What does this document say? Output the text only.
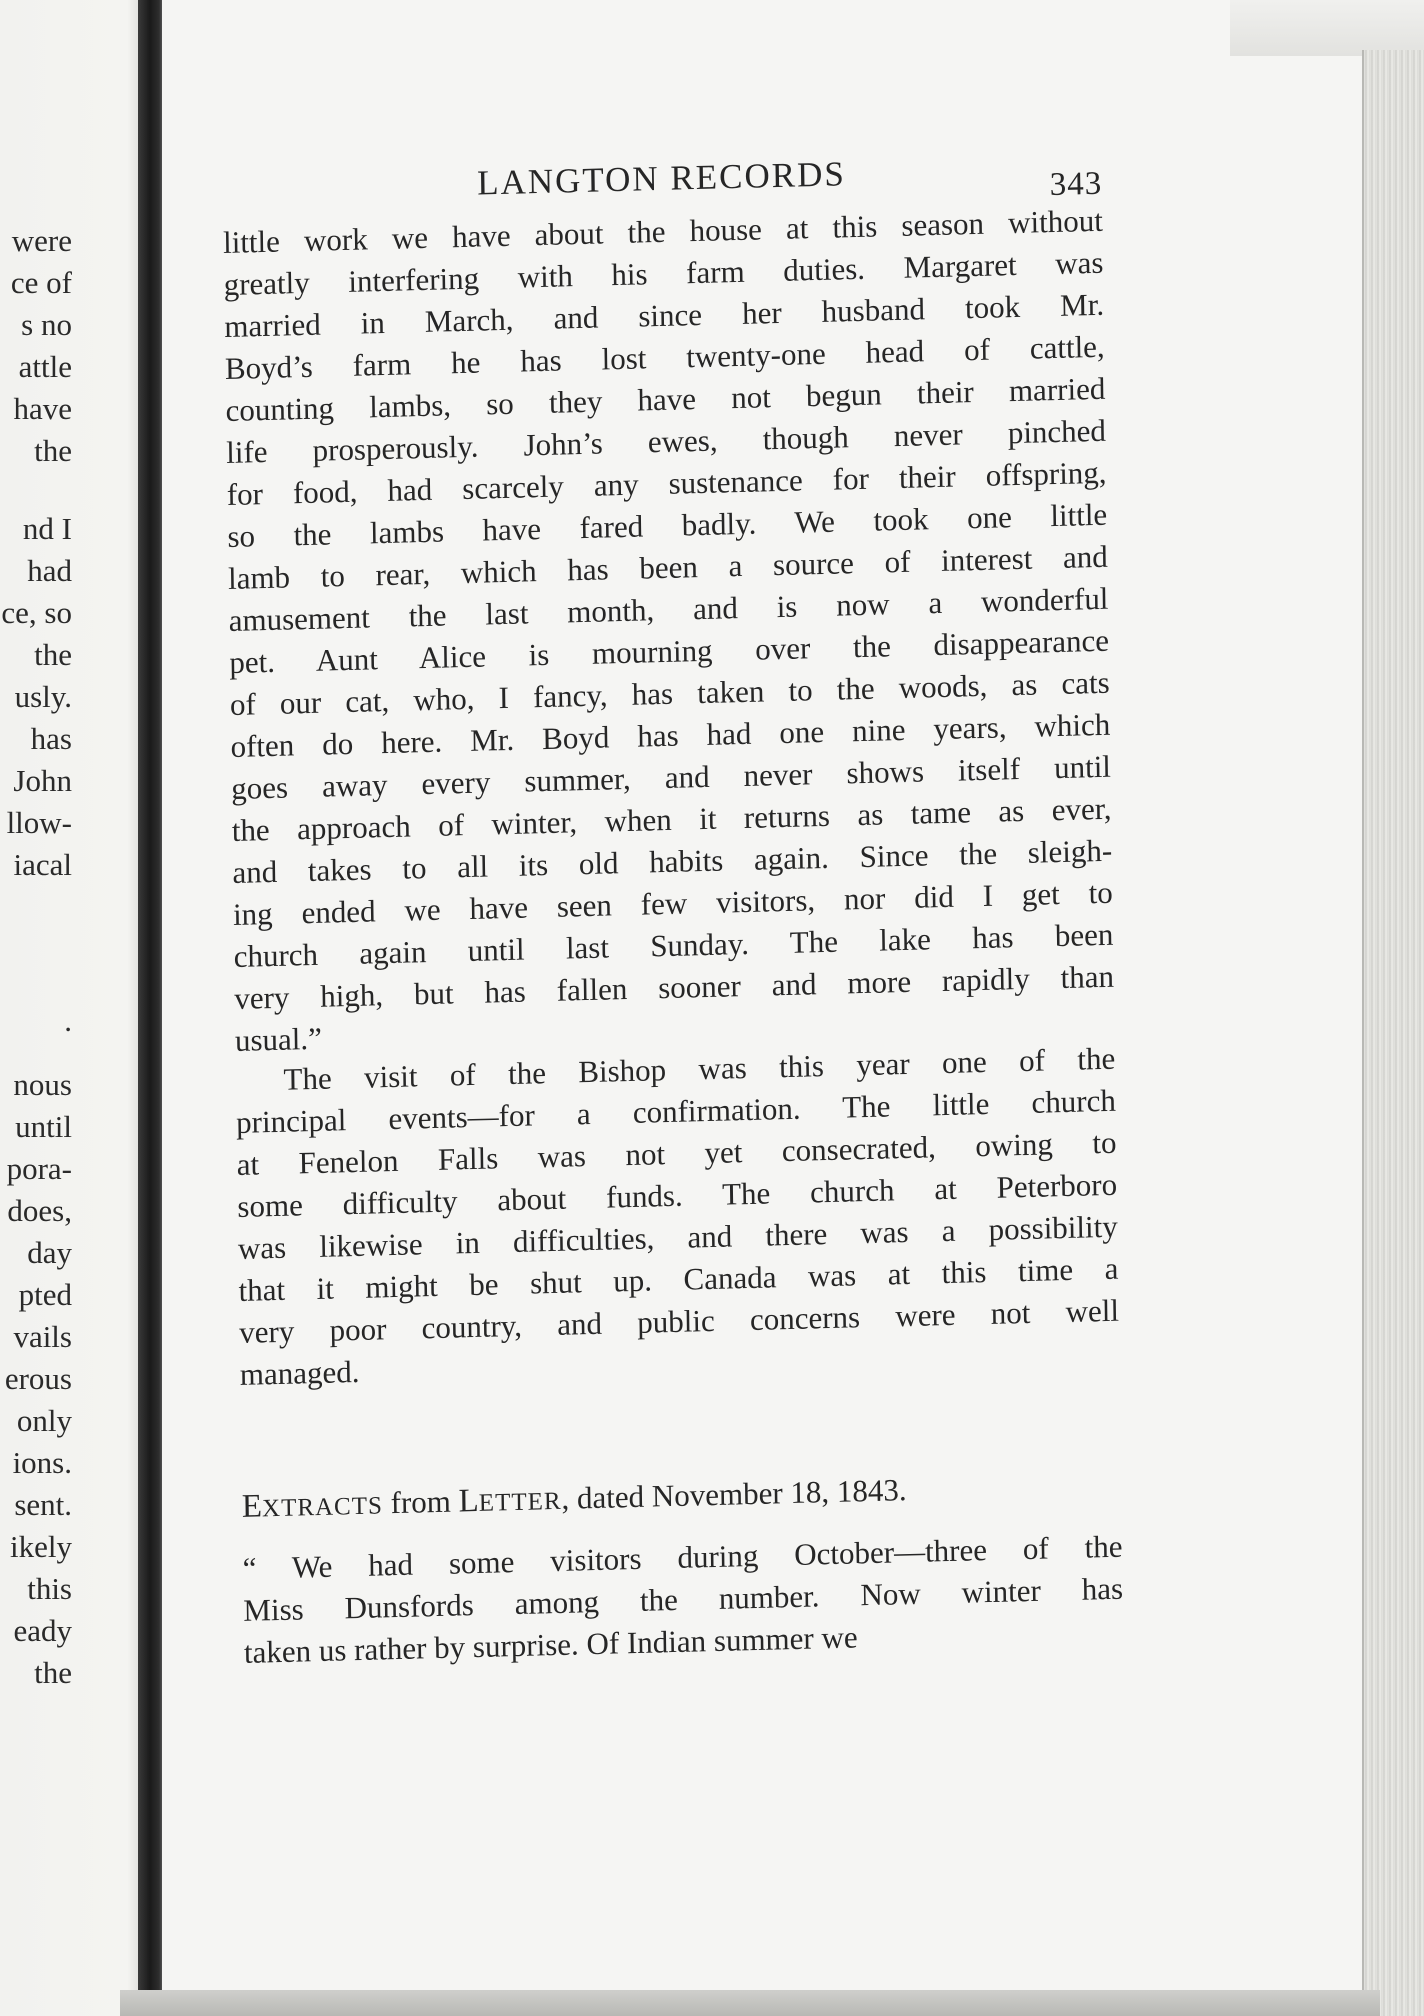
were
ce of
s no
attle
have
the
nd I
had
ce, so
the
usly.
has
John
llow-
iacal
.
nous
until
pora-
does,
day
pted
vails
erous
only
ions.
sent.
ikely
this
eady
the
LANGTON RECORDS	343
little work we have about the house at this season without
greatly interfering with his farm duties. Margaret was
married in March, and since her husband took Mr.
Boyd’s farm he has lost twenty-one head of cattle,
counting lambs, so they have not begun their married
life prosperously. John’s ewes, though never pinched
for food, had scarcely any sustenance for their offspring,
so the lambs have fared badly. We took one little
lamb to rear, which has been a source of interest and
amusement the last month, and is now a wonderful
pet. Aunt Alice is mourning over the disappearance
of our cat, who, I fancy, has taken to the woods, as cats
often do here. Mr. Boyd has had one nine years, which
goes away every summer, and never shows itself until
the approach of winter, when it returns as tame as ever,
and takes to all its old habits again. Since the sleigh-
ing ended we have seen few visitors, nor did I get to
church again until last Sunday. The lake has been
very high, but has fallen sooner and more rapidly than
usual.”
The visit of the Bishop was this year one of the
principal events—for a confirmation. The little church
at Fenelon Falls was not yet consecrated, owing to
some difficulty about funds. The church at Peterboro
was likewise in difficulties, and there was a possibility
that it might be shut up. Canada was at this time a
very poor country, and public concerns were not well
managed.
EXTRACTS from LETTER, dated November 18, 1843.
“ We had some visitors during October—three of the
Miss Dunsfords among the number. Now winter has
taken us rather by surprise. Of Indian summer we
